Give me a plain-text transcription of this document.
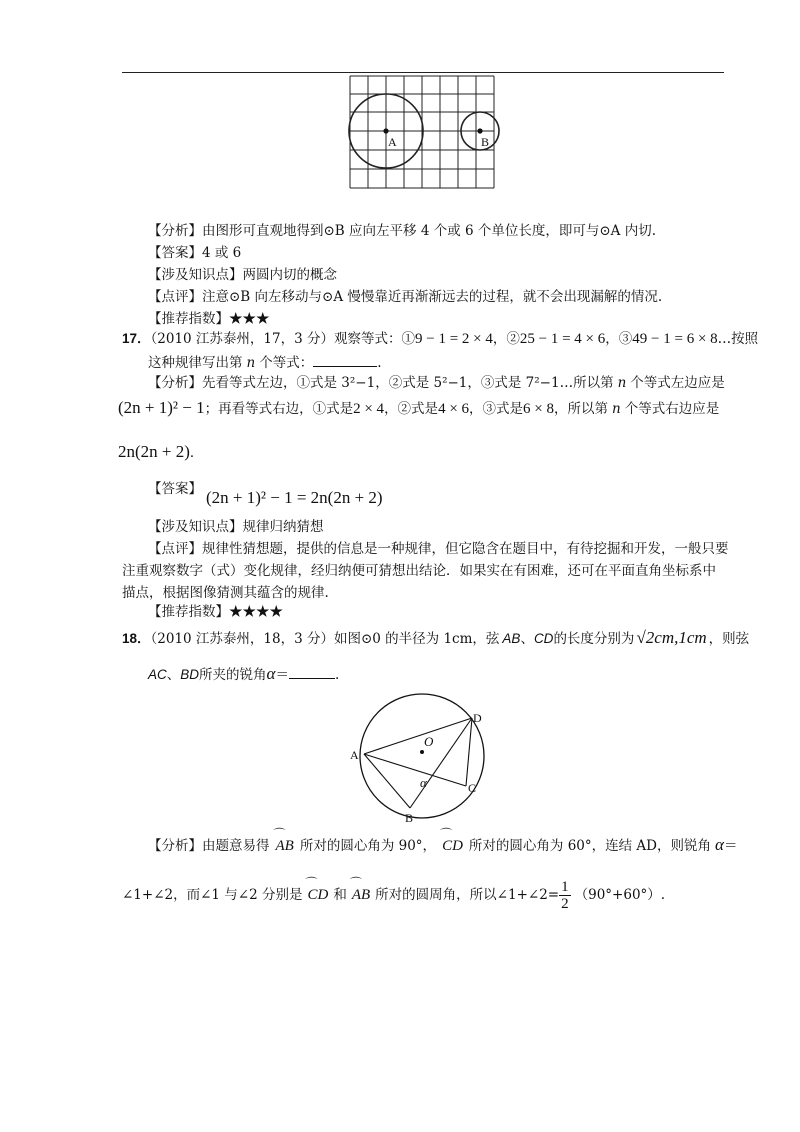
A	B
【分析】由图形可直观地得到⊙B 应向左平移 4 个或 6 个单位长度，即可与⊙A 内切.
【答案】4 或 6
【涉及知识点】两圆内切的概念
【点评】注意⊙B 向左移动与⊙A 慢慢靠近再渐渐远去的过程，就不会出现漏解的情况.
【推荐指数】★★★
17．（2010 江苏泰州，17，3 分）观察等式：①9 − 1 = 2 × 4，②25 − 1 = 4 × 6，③49 − 1 = 6 × 8…按照
这种规律写出第 n 个等式：	.
【分析】先看等式左边，①式是 3²−1，②式是 5²−1，③式是 7²−1…所以第 n 个等式左边应是
(2n + 1)² − 1；再看等式右边，①式是2 × 4，②式是4 × 6，③式是6 × 8，所以第 n 个等式右边应是
2n(2n + 2)．
【答案】 (2n + 1)² − 1 = 2n(2n + 2)
【涉及知识点】规律归纳猜想
【点评】规律性猜想题，提供的信息是一种规律，但它隐含在题目中，有待挖掘和开发，一般只要
注重观察数字（式）变化规律，经归纳便可猜想出结论．如果实在有困难，还可在平面直角坐标系中
描点，根据图像猜测其蕴含的规律.
【推荐指数】★★★★
18．（2010 江苏泰州，18，3 分）如图⊙0 的半径为 1cm，弦 AB、CD的长度分别为 √2cm,1cm ，则弦
AC、BD所夹的锐角α＝	.
O
A
B
C
D
α
【分析】由题意易得 ⌒ AB 所对的圆心角为 90°， ⌒ CD 所对的圆心角为 60°，连结 AD，则锐角 α＝
∠1+∠2，而∠1 与∠2 分别是 ⌒ CD 和 ⌒ AB 所对的圆周角，所以∠1+∠2= $\frac{1}{2} (90^\circ+60^\circ)$.
